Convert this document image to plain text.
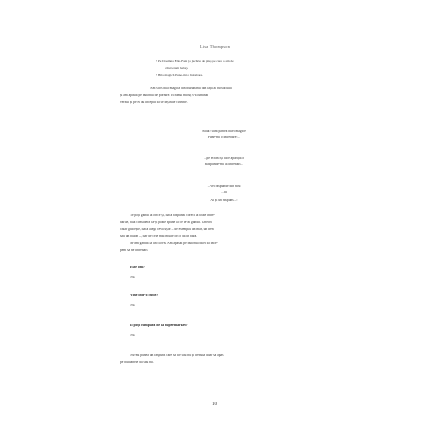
Lisa Thompson
• Pe Doamna Elle-Fant (o jucărie de pluș pe care o am de
când eram bebe).
• Bila magică Pune-mi o întrebare.
Am scos bila magică din buzunarul din față al rucsacului
și am apăsat pe butonul de pornire. Ecranul micuț s-a luminat
verzui și pe el au început să se înșiruie cuvinte.
Salut! sunt partea bilei magice
Pune-mi o întrebare!...
...pe ecran își face apariția o
Răspunde-mi la întrebări...
...vei răspunde din nou
...tu
Ai și un răspuns...!
Te poți gândi la orice și, dacă răspunzi corect la toate între-
bările, bila consideră că-ți poate spune la ce te-ai gândit. Uneori
chiar ghicește, dacă alegi ceva ușor – de exemplu un măr, un tren
sau un balon –, dar de cele mai multe ori o dă în bară.
M-am gândit la un clovn. Am apăsat pe butonul bilei să înce-
pem să ne întrebări.
Este om?
Nu.
Vine într-o cutie?
Nu.
Îl poți cumpăra de la supermarket?
Nu.
Nu-mi punea un răspuns care să fie sau nu și trebuia doar să apăs
pe butoanele da sau nu.
10
